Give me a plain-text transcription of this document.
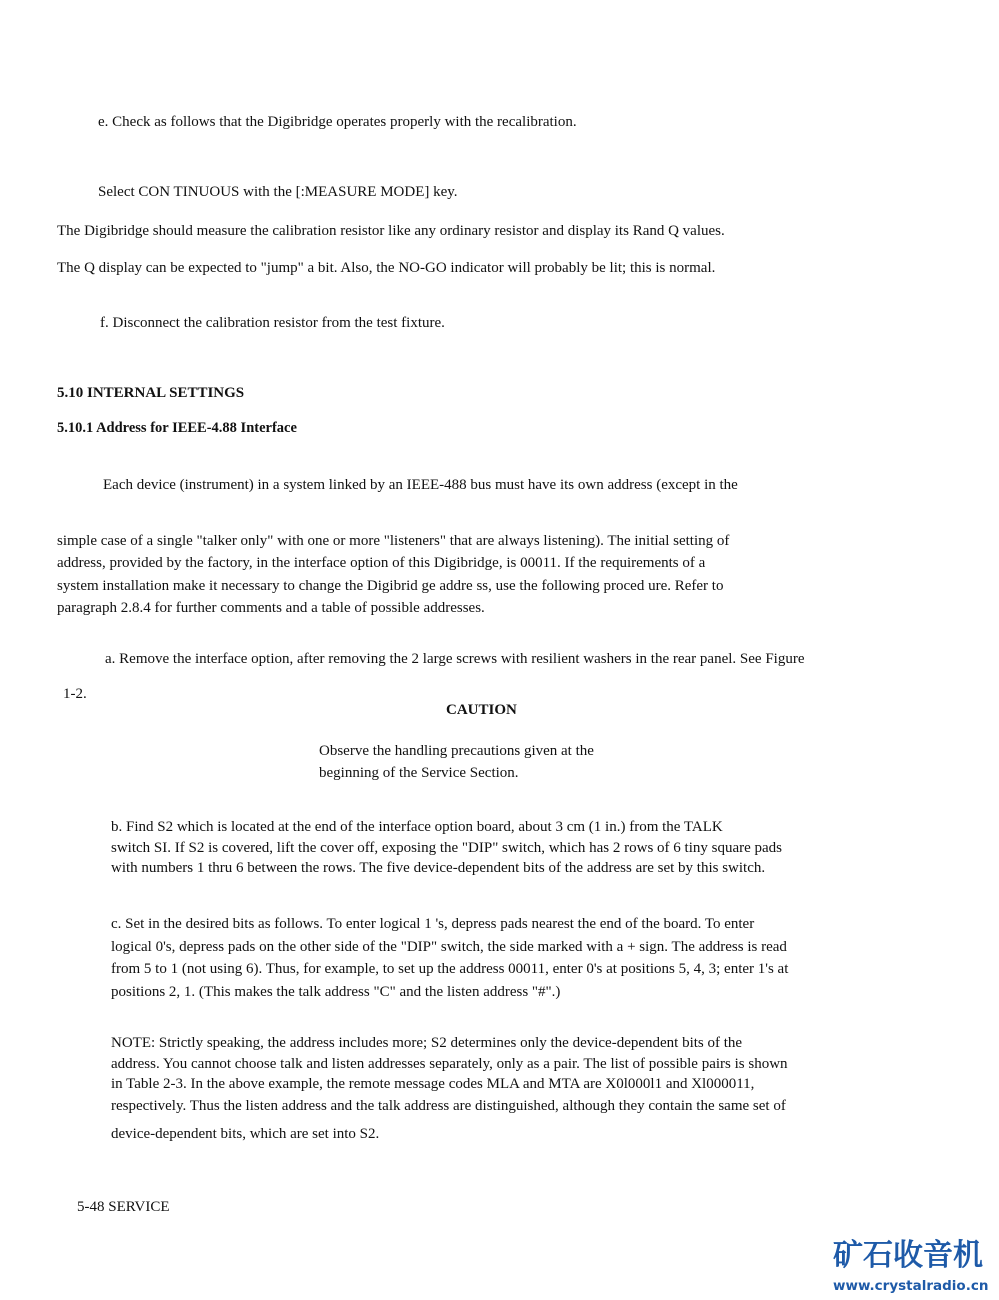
e. Check as follows that the Digibridge operates properly with the recalibration.
Select CON TINUOUS with the [:MEASURE MODE] key.
The Digibridge should measure the calibration resistor like any ordinary resistor and display its Rand Q values.
The Q display can be expected to "jump" a bit. Also, the NO-GO indicator will probably be lit; this is normal.
f. Disconnect the calibration resistor from the test fixture.
5.10 INTERNAL SETTINGS
5.10.1 Address for IEEE-4.88 Interface
Each device (instrument) in a system linked by an IEEE-488 bus must have its own address (except in the
simple case of a single "talker only" with one or more "listeners" that are always listening). The initial setting of
address, provided by the factory, in the interface option of this Digibridge, is 00011. If the requirements of a
system installation make it necessary to change the Digibrid ge addre ss, use the following proced ure. Refer to
paragraph 2.8.4 for further comments and a table of possible addresses.
a. Remove the interface option, after removing the 2 large screws with resilient washers in the rear panel. See Figure
1-2.
CAUTION
Observe the handling precautions given at the
beginning of the Service Section.
b. Find S2 which is located at the end of the interface option board, about 3 cm (1 in.) from the TALK
switch SI. If S2 is covered, lift the cover off, exposing the "DIP" switch, which has 2 rows of 6 tiny square pads
with numbers 1 thru 6 between the rows. The five device-dependent bits of the address are set by this switch.
c. Set in the desired bits as follows. To enter logical 1 's, depress pads nearest the end of the board. To enter
logical 0's, depress pads on the other side of the "DIP" switch, the side marked with a + sign. The address is read
from 5 to 1 (not using 6). Thus, for example, to set up the address 00011, enter 0's at positions 5, 4, 3; enter 1's at
positions 2, 1. (This makes the talk address "C" and the listen address "#".)
NOTE: Strictly speaking, the address includes more; S2 determines only the device-dependent bits of the
address. You cannot choose talk and listen addresses separately, only as a pair. The list of possible pairs is shown
in Table 2-3. In the above example, the remote message codes MLA and MTA are X0l000l1 and Xl000011,
respectively. Thus the listen address and the talk address are distinguished, although they contain the same set of
device-dependent bits, which are set into S2.
5-48 SERVICE
矿石收音机
www.crystalradio.cn
